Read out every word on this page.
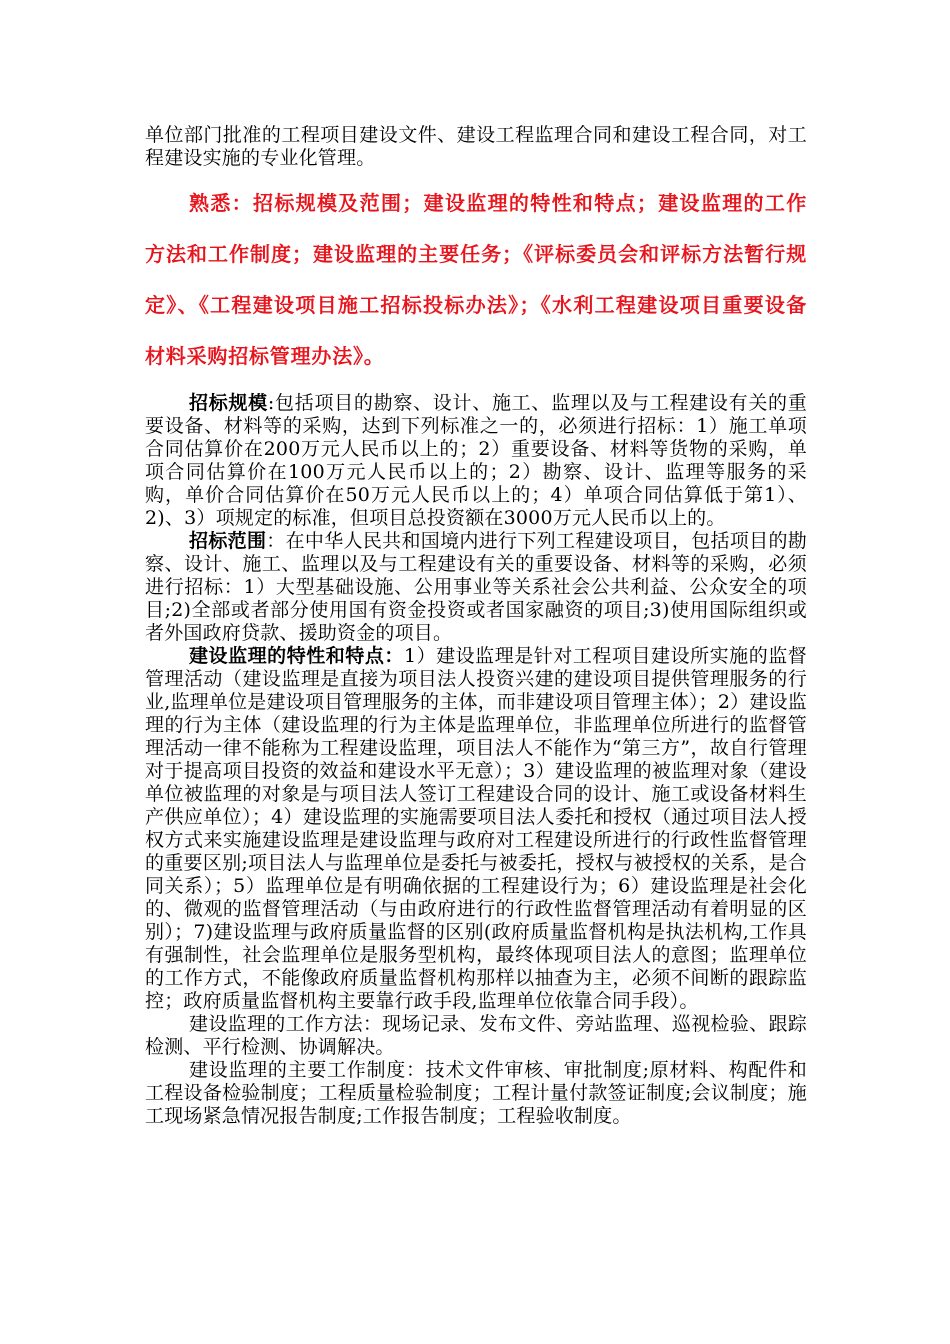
单位部门批准的工程项目建设文件、建设工程监理合同和建设工程合同，对工程建设实施的专业化管理。

熟悉：招标规模及范围；建设监理的特性和特点；建设监理的工作方法和工作制度；建设监理的主要任务；《评标委员会和评标方法暂行规定》、《工程建设项目施工招标投标办法》；《水利工程建设项目重要设备材料采购招标管理办法》。

招标规模:包括项目的勘察、设计、施工、监理以及与工程建设有关的重要设备、材料等的采购，达到下列标准之一的，必须进行招标：1）施工单项合同估算价在200万元人民币以上的；2）重要设备、材料等货物的采购，单项合同估算价在100万元人民币以上的；2）勘察、设计、监理等服务的采购，单价合同估算价在50万元人民币以上的；4）单项合同估算低于第1）、2)、3）项规定的标准，但项目总投资额在3000万元人民币以上的。

招标范围：在中华人民共和国境内进行下列工程建设项目，包括项目的勘察、设计、施工、监理以及与工程建设有关的重要设备、材料等的采购，必须进行招标：1）大型基础设施、公用事业等关系社会公共利益、公众安全的项目;2)全部或者部分使用国有资金投资或者国家融资的项目;3)使用国际组织或者外国政府贷款、援助资金的项目。

建设监理的特性和特点：1）建设监理是针对工程项目建设所实施的监督管理活动（建设监理是直接为项目法人投资兴建的建设项目提供管理服务的行业,监理单位是建设项目管理服务的主体，而非建设项目管理主体）；2）建设监理的行为主体（建设监理的行为主体是监理单位，非监理单位所进行的监督管理活动一律不能称为工程建设监理，项目法人不能作为“第三方”，故自行管理对于提高项目投资的效益和建设水平无意）；3）建设监理的被监理对象（建设单位被监理的对象是与项目法人签订工程建设合同的设计、施工或设备材料生产供应单位）；4）建设监理的实施需要项目法人委托和授权（通过项目法人授权方式来实施建设监理是建设监理与政府对工程建设所进行的行政性监督管理的重要区别;项目法人与监理单位是委托与被委托，授权与被授权的关系，是合同关系）；5）监理单位是有明确依据的工程建设行为；6）建设监理是社会化的、微观的监督管理活动（与由政府进行的行政性监督管理活动有着明显的区别）；7)建设监理与政府质量监督的区别(政府质量监督机构是执法机构,工作具有强制性，社会监理单位是服务型机构，最终体现项目法人的意图；监理单位的工作方式，不能像政府质量监督机构那样以抽查为主，必须不间断的跟踪监控；政府质量监督机构主要靠行政手段,监理单位依靠合同手段）。

建设监理的工作方法：现场记录、发布文件、旁站监理、巡视检验、跟踪检测、平行检测、协调解决。

建设监理的主要工作制度：技术文件审核、审批制度;原材料、构配件和工程设备检验制度；工程质量检验制度；工程计量付款签证制度;会议制度；施工现场紧急情况报告制度;工作报告制度；工程验收制度。
